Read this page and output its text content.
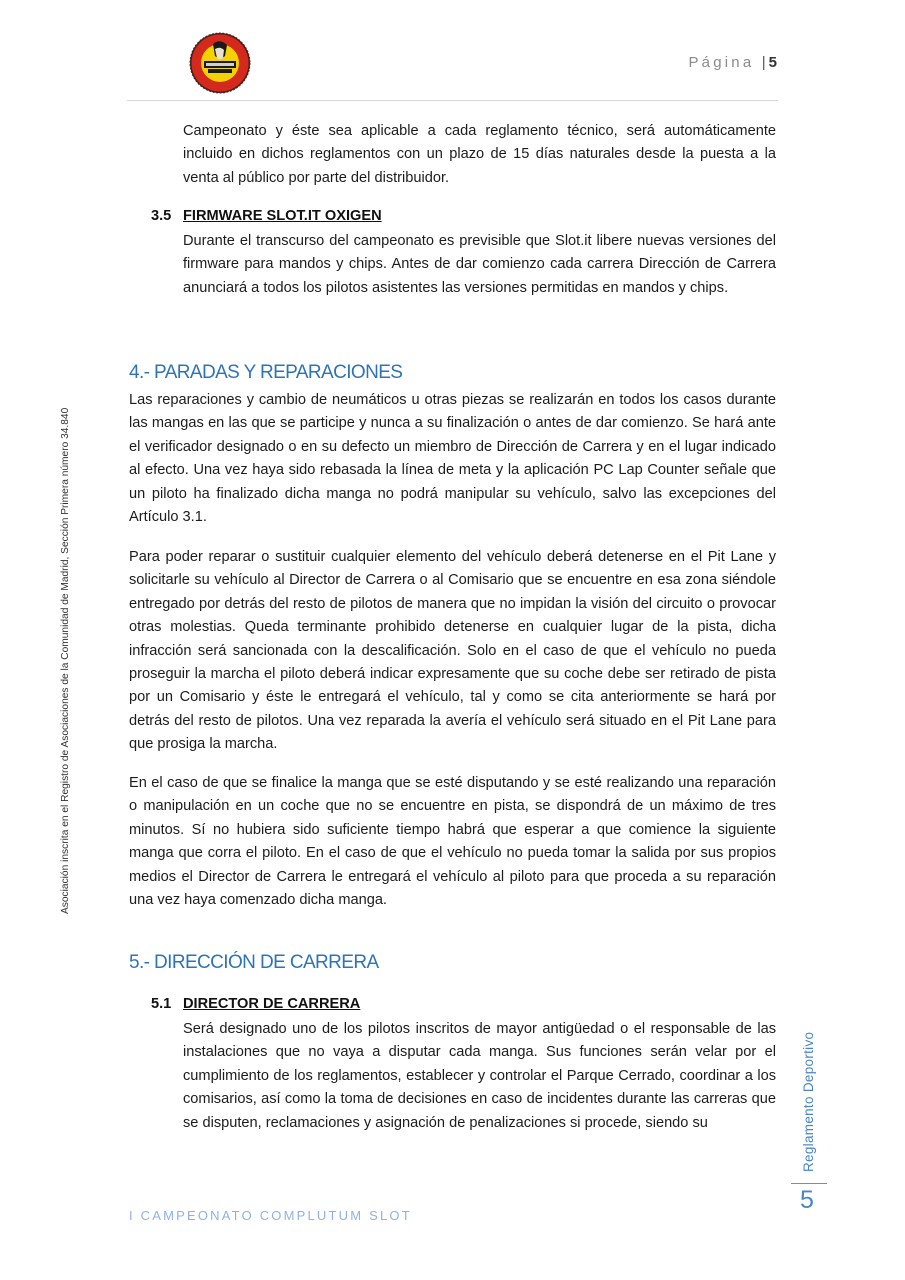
Página | 5

Campeonato y éste sea aplicable a cada reglamento técnico, será automáticamente incluido en dichos reglamentos con un plazo de 15 días naturales desde la puesta a la venta al público por parte del distribuidor.

3.5 FIRMWARE SLOT.IT OXIGEN

Durante el transcurso del campeonato es previsible que Slot.it libere nuevas versiones del firmware para mandos y chips. Antes de dar comienzo cada carrera Dirección de Carrera anunciará a todos los pilotos asistentes las versiones permitidas en mandos y chips.

4.- PARADAS Y REPARACIONES

Las reparaciones y cambio de neumáticos u otras piezas se realizarán en todos los casos durante las mangas en las que se participe y nunca a su finalización o antes de dar comienzo. Se hará ante el verificador designado o en su defecto un miembro de Dirección de Carrera y en el lugar indicado al efecto. Una vez haya sido rebasada la línea de meta y la aplicación PC Lap Counter señale que un piloto ha finalizado dicha manga no podrá manipular su vehículo, salvo las excepciones del Artículo 3.1.

Para poder reparar o sustituir cualquier elemento del vehículo deberá detenerse en el Pit Lane y solicitarle su vehículo al Director de Carrera o al Comisario que se encuentre en esa zona siéndole entregado por detrás del resto de pilotos de manera que no impidan la visión del circuito o provocar otras molestias. Queda terminante prohibido detenerse en cualquier lugar de la pista, dicha infracción será sancionada con la descalificación. Solo en el caso de que el vehículo no pueda proseguir la marcha el piloto deberá indicar expresamente que su coche debe ser retirado de pista por un Comisario y éste le entregará el vehículo, tal y como se cita anteriormente se hará por detrás del resto de pilotos. Una vez reparada la avería el vehículo será situado en el Pit Lane para que prosiga la marcha.

En el caso de que se finalice la manga que se esté disputando y se esté realizando una reparación o manipulación en un coche que no se encuentre en pista, se dispondrá de un máximo de tres minutos. Sí no hubiera sido suficiente tiempo habrá que esperar a que comience la siguiente manga que corra el piloto. En el caso de que el vehículo no pueda tomar la salida por sus propios medios el Director de Carrera le entregará el vehículo al piloto para que proceda a su reparación una vez haya comenzado dicha manga.

5.- DIRECCIÓN DE CARRERA
5.1 DIRECTOR DE CARRERA

Será designado uno de los pilotos inscritos de mayor antigüedad o el responsable de las instalaciones que no vaya a disputar cada manga. Sus funciones serán velar por el cumplimiento de los reglamentos, establecer y controlar el Parque Cerrado, coordinar a los comisarios, así como la toma de decisiones en caso de incidentes durante las carreras que se disputen, reclamaciones y asignación de penalizaciones si procede, siendo su

Asociación inscrita en el Registro de Asociaciones de la Comunidad de Madrid, Sección Primera número 34.840
Reglamento Deportivo
5
I CAMPEONATO COMPLUTUM SLOT
